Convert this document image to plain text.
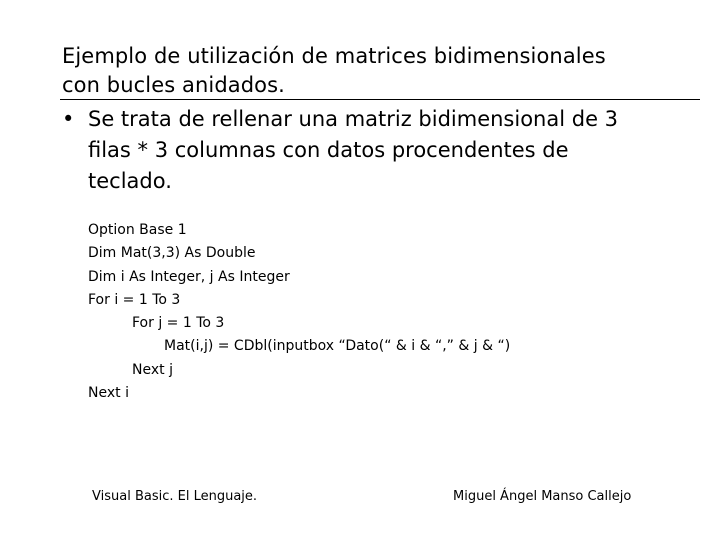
Ejemplo de utilización de matrices bidimensionales
con bucles anidados.
• Se trata de rellenar una matriz bidimensional de 3
filas * 3 columnas con datos procendentes de
teclado.
Option Base 1
Dim Mat(3,3) As Double
Dim i As Integer, j As Integer
For i = 1 To 3
For j = 1 To 3
Mat(i,j) = CDbl(inputbox “Dato(“ & i & “,” & j & “)
Next j
Next i
Visual Basic. El Lenguaje.	Miguel Ángel Manso Callejo
